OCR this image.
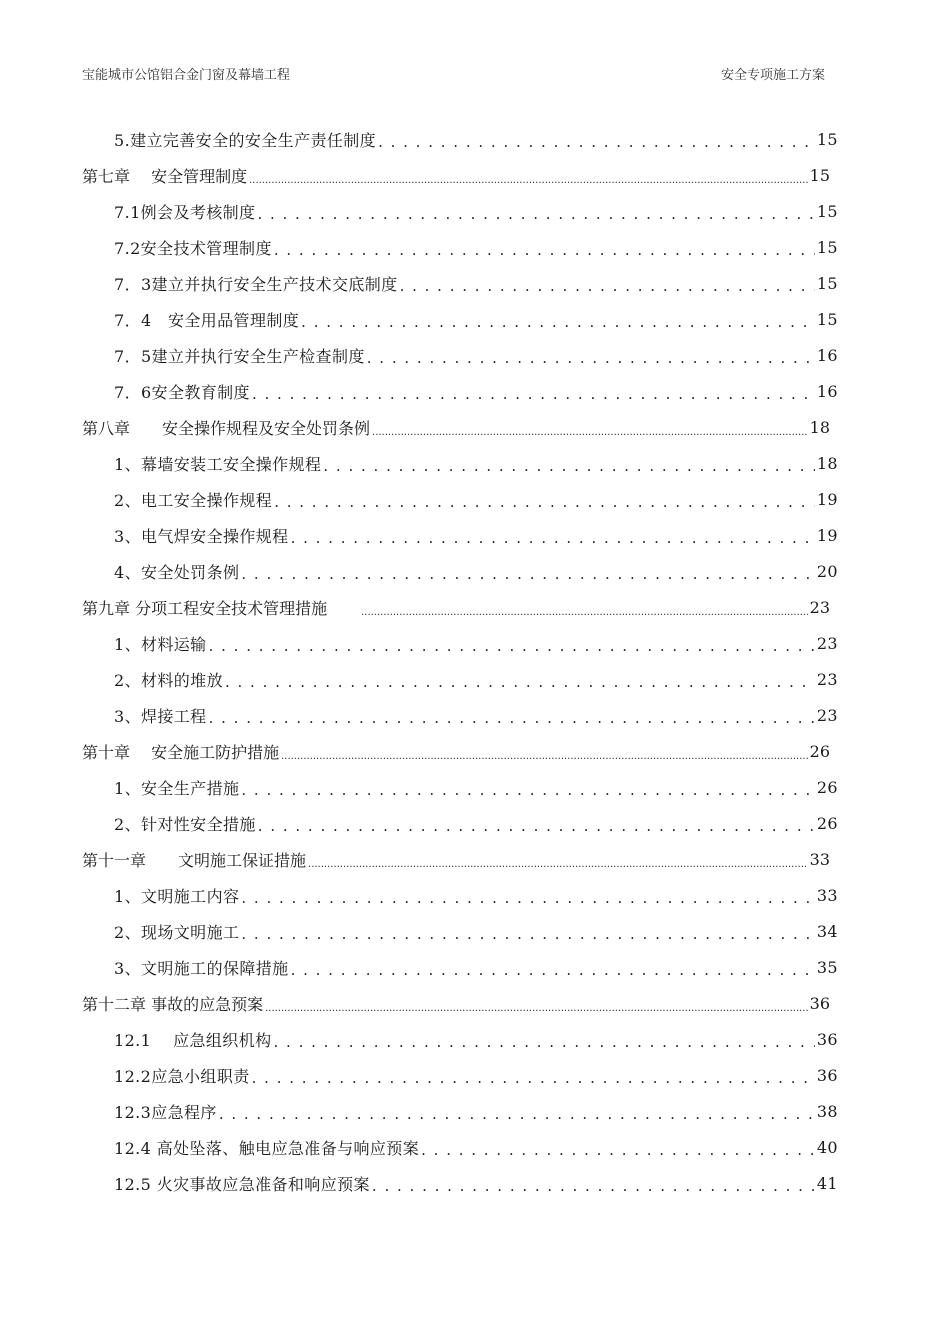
宝能城市公馆铝合金门窗及幕墙工程	安全专项施工方案
5.建立完善安全的安全生产责任制度 . . .	15
第七章　 安全管理制度 .....	15
7.1例会及考核制度 . . .	15
7.2安全技术管理制度 . . .	15
7．3建立并执行安全生产技术交底制度 . . .	15
7．4　安全用品管理制度 . . .	15
7．5建立并执行安全生产检查制度 . . .	16
7．6安全教育制度 . . .	16
第八章　　安全操作规程及安全处罚条例 .....	18
1、幕墙安装工安全操作规程 . . .	18
2、电工安全操作规程 . . .	19
3、电气焊安全操作规程 . . .	19
4、安全处罚条例 . . .	20
第九章 分项工程安全技术管理措施　　 .....	23
1、材料运输 . . .	23
2、材料的堆放 . . .	23
3、焊接工程 . . .	23
第十章　 安全施工防护措施 .....	26
1、安全生产措施 . . .	26
2、针对性安全措施 . . .	26
第十一章　　文明施工保证措施 .....	33
1、文明施工内容 . . .	33
2、现场文明施工 . . .	34
3、文明施工的保障措施 . . .	35
第十二章 事故的应急预案 .....	36
12.1　 应急组织机构 . . .	36
12.2应急小组职责 . . .	36
12.3应急程序 . . .	38
12.4 高处坠落、触电应急准备与响应预案 . . .	40
12.5 火灾事故应急准备和响应预案 . . .	41
